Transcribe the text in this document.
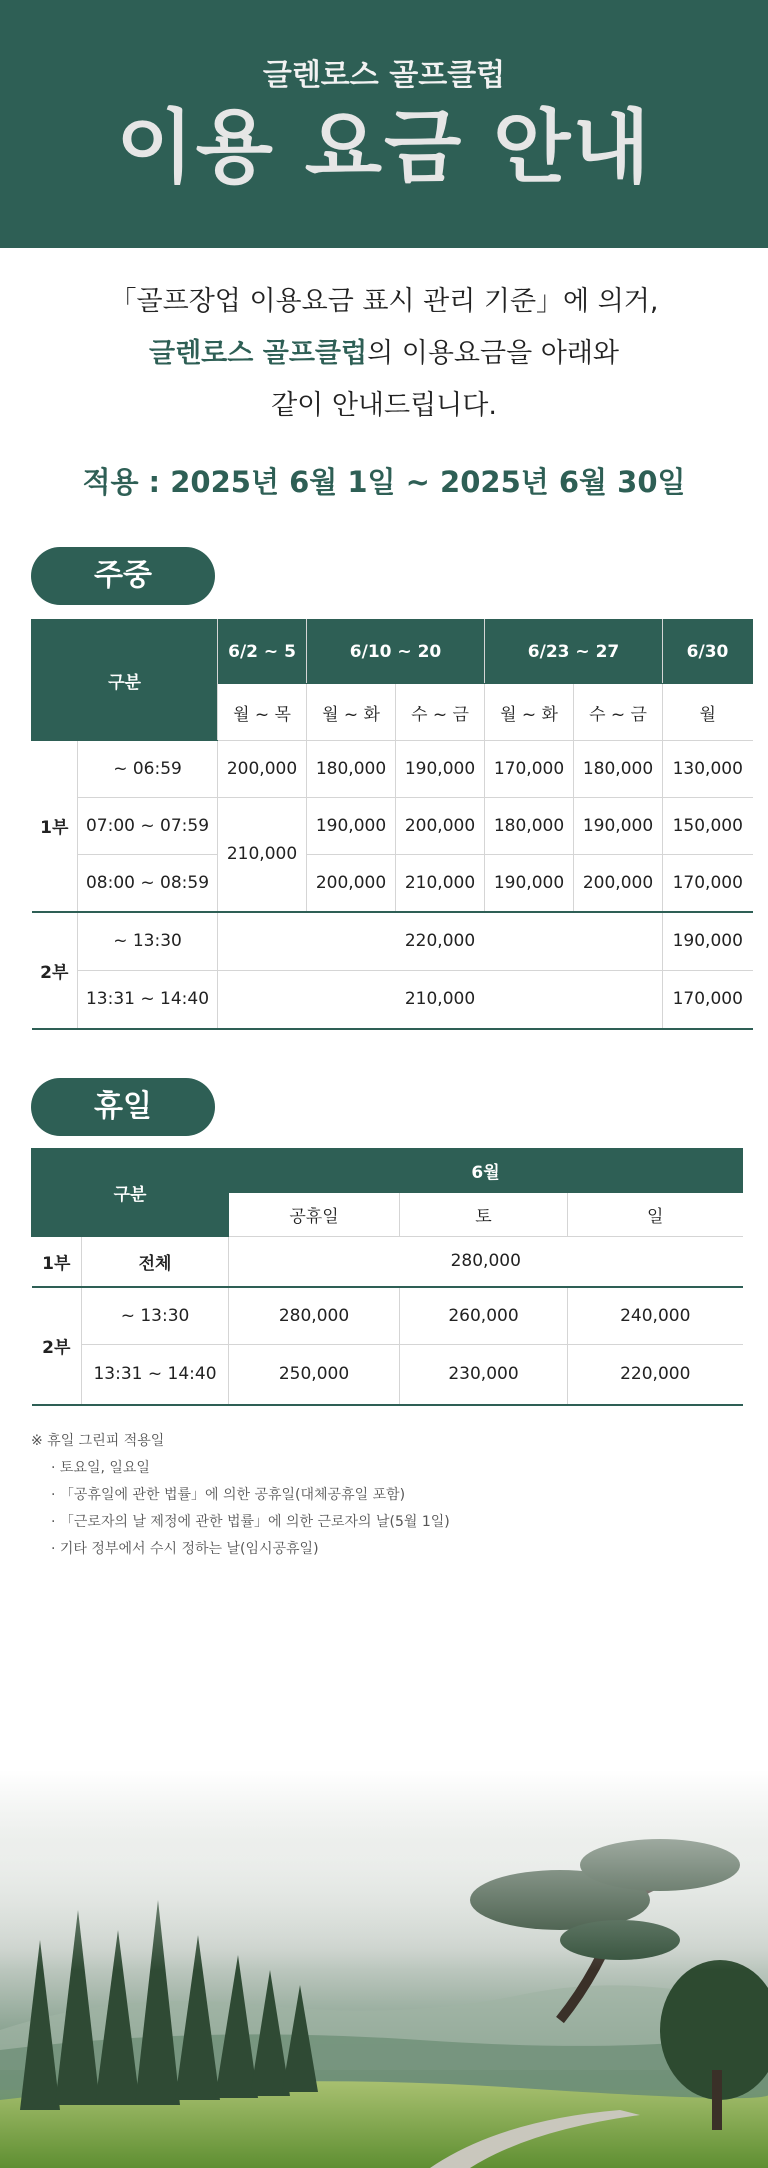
글렌로스 골프클럽
이용 요금 안내
「골프장업 이용요금 표시 관리 기준」에 의거,
글렌로스 골프클럽의 이용요금을 아래와
같이 안내드립니다.
적용 : 2025년 6월 1일 ~ 2025년 6월 30일
주중
구분		6/2 ~ 5	6/10 ~ 20		6/23 ~ 27		6/30
		월 ~ 목	월 ~ 화	수 ~ 금	월 ~ 화	수 ~ 금	월
1부	~ 06:59	200,000	180,000	190,000	170,000	180,000	130,000
	07:00 ~ 07:59	210,000	190,000	200,000	180,000	190,000	150,000
	08:00 ~ 08:59		200,000	210,000	190,000	200,000	170,000
2부	~ 13:30	220,000					190,000
	13:31 ~ 14:40	210,000					170,000
휴일
구분		6월		
		공휴일	토	일
1부	전체	280,000		
2부	~ 13:30	280,000	260,000	240,000
	13:31 ~ 14:40	250,000	230,000	220,000
※ 휴일 그린피 적용일
· 토요일, 일요일
· 「공휴일에 관한 법률」에 의한 공휴일(대체공휴일 포함)
· 「근로자의 날 제정에 관한 법률」에 의한 근로자의 날(5월 1일)
· 기타 정부에서 수시 정하는 날(임시공휴일)
